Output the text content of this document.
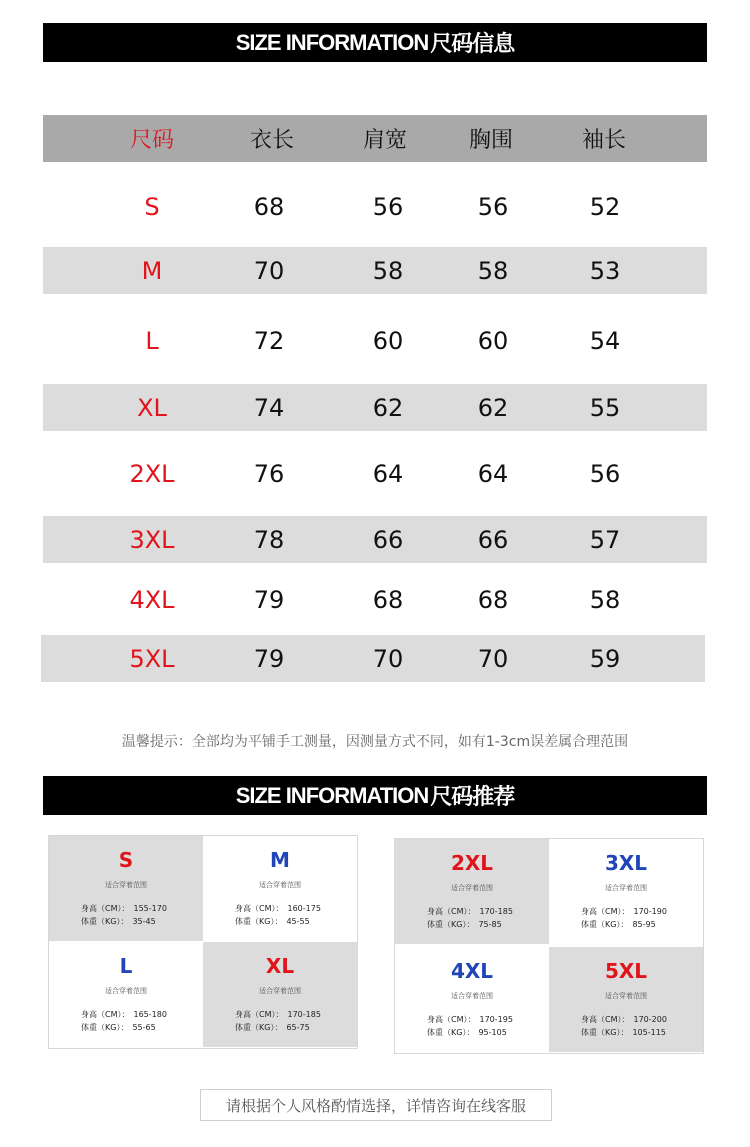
SIZE INFORMATION 尺码信息
尺码	衣长	肩宽	胸围	袖长
S	68	56	56	52
M	70	58	58	53
L	72	60	60	54
XL	74	62	62	55
2XL	76	64	64	56
3XL	78	66	66	57
4XL	79	68	68	58
5XL	79	70	70	59
温馨提示：全部均为平铺手工测量，因测量方式不同，如有1-3cm误差属合理范围
SIZE INFORMATION 尺码推荐
S
适合穿着范围
身高（CM）： 155-170
体重（KG）： 35-45
M
适合穿着范围
身高（CM）： 160-175
体重（KG）： 45-55
L
适合穿着范围
身高（CM）： 165-180
体重（KG）： 55-65
XL
适合穿着范围
身高（CM）： 170-185
体重（KG）： 65-75
2XL
适合穿着范围
身高（CM）： 170-185
体重（KG）： 75-85
3XL
适合穿着范围
身高（CM）： 170-190
体重（KG）： 85-95
4XL
适合穿着范围
身高（CM）： 170-195
体重（KG）： 95-105
5XL
适合穿着范围
身高（CM）： 170-200
体重（KG）： 105-115
请根据个人风格酌情选择，详情咨询在线客服
